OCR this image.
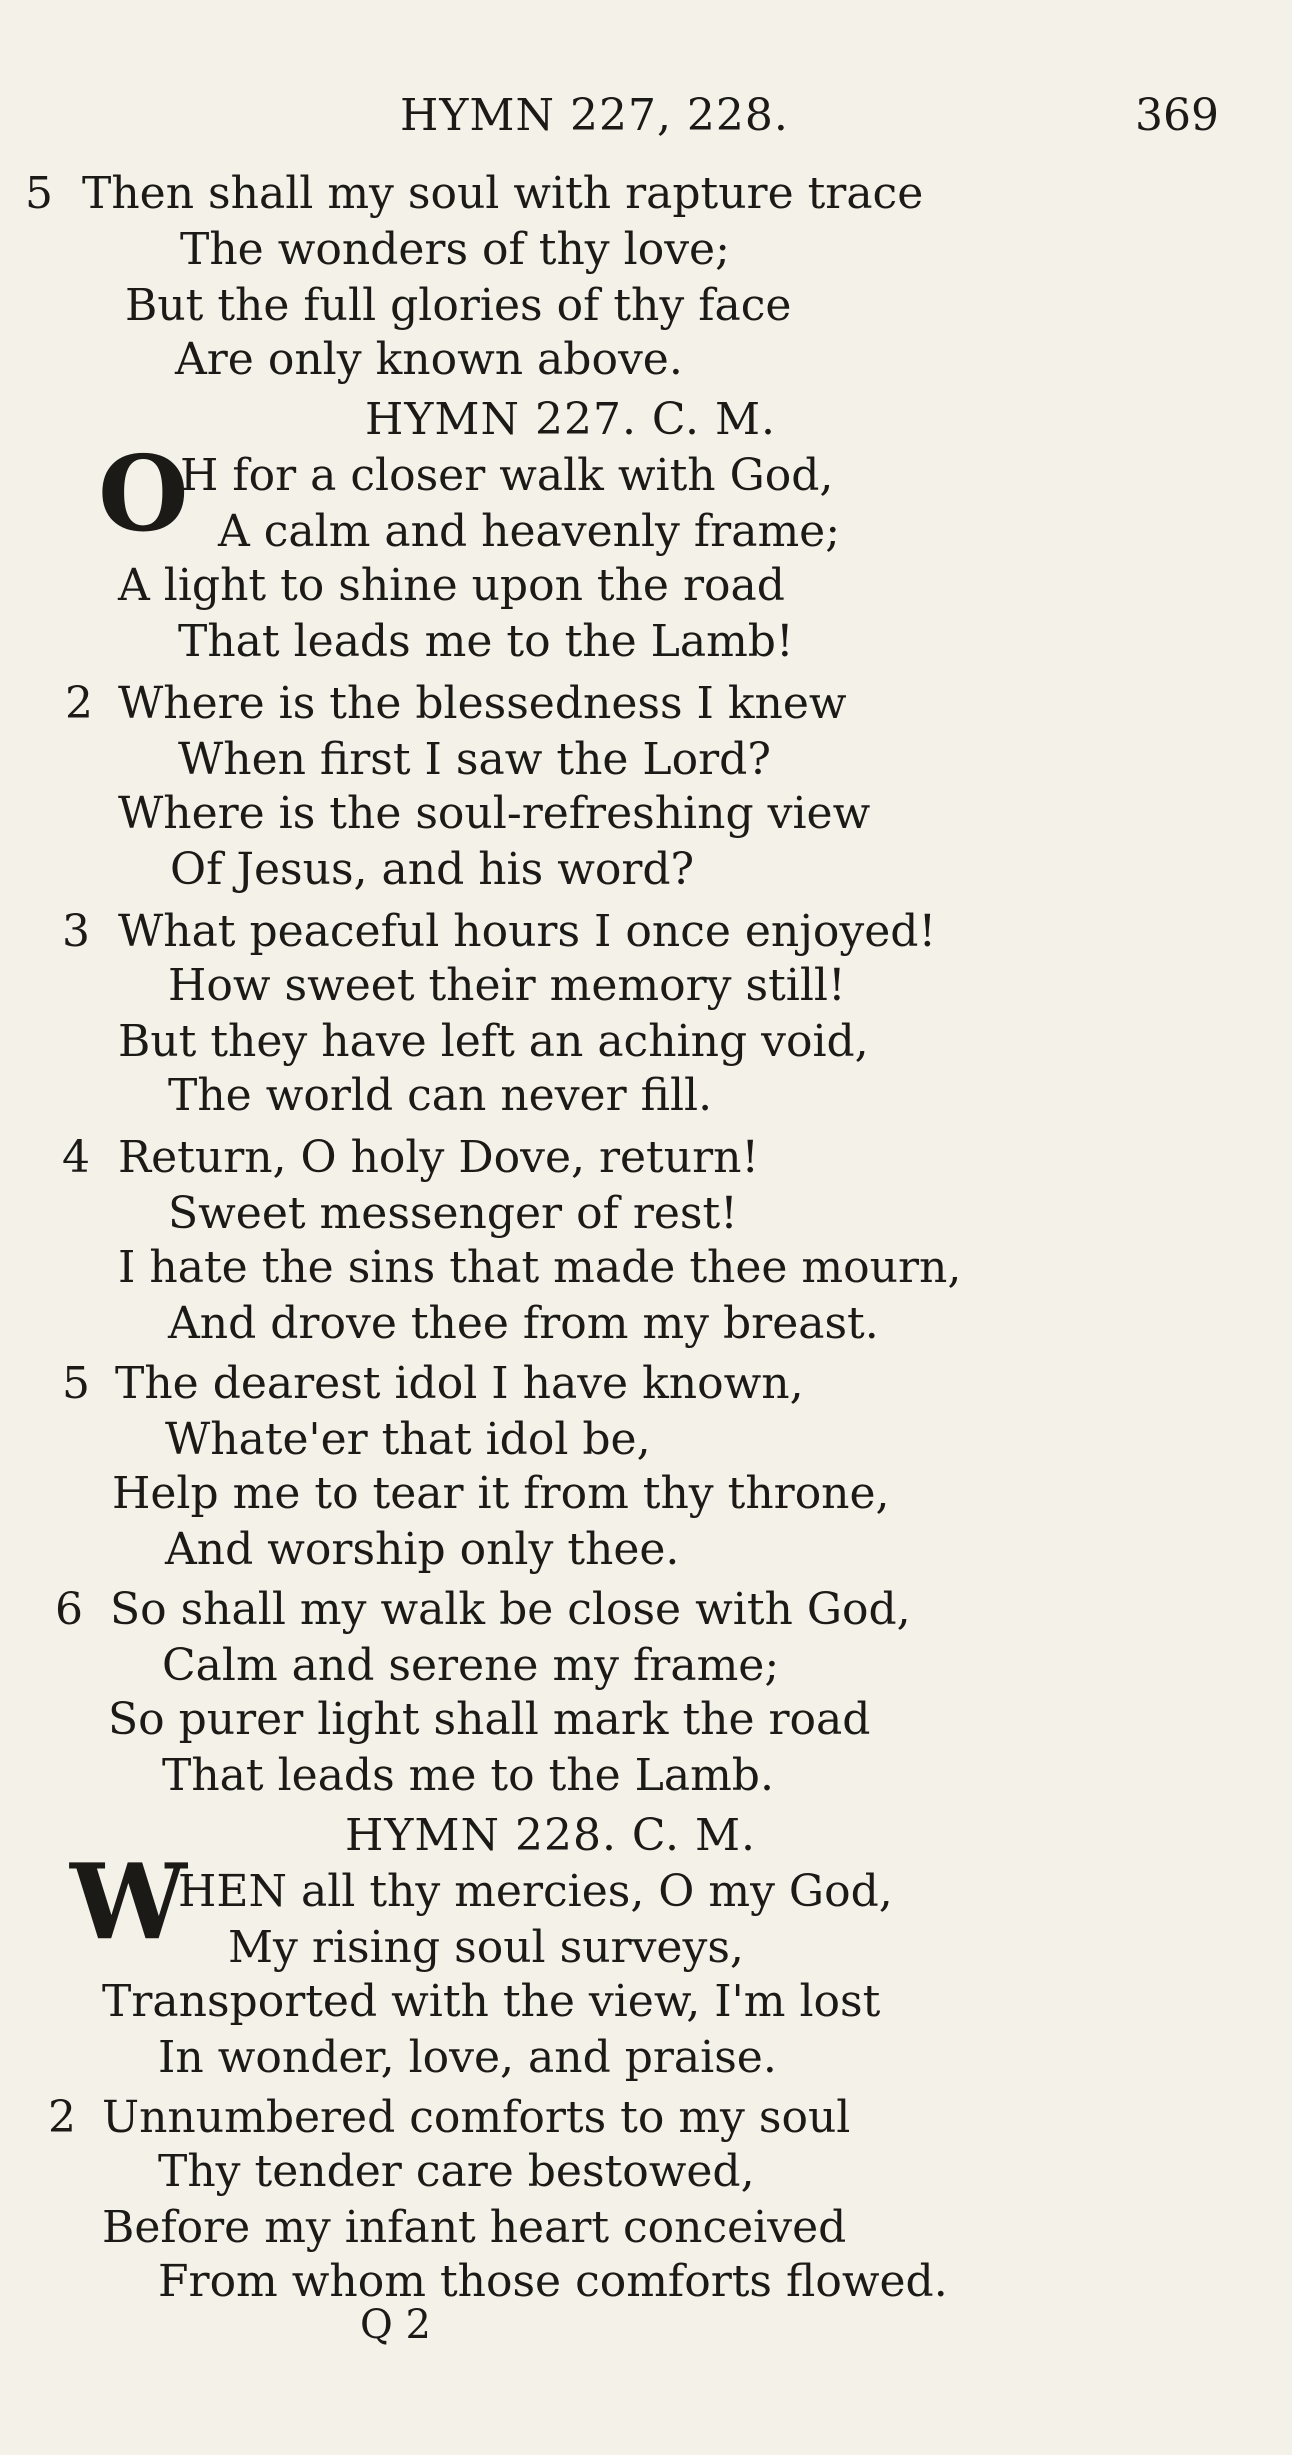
HYMN 227, 228.	369
5 Then shall my soul with rapture trace
The wonders of thy love;
But the full glories of thy face
Are only known above.
HYMN 227. C. M.
O
H for a closer walk with God,
A calm and heavenly frame;
A light to shine upon the road
That leads me to the Lamb!
2 Where is the blessedness I knew
When first I saw the Lord?
Where is the soul-refreshing view
Of Jesus, and his word?
3 What peaceful hours I once enjoyed!
How sweet their memory still!
But they have left an aching void,
The world can never fill.
4 Return, O holy Dove, return!
Sweet messenger of rest!
I hate the sins that made thee mourn,
And drove thee from my breast.
5 The dearest idol I have known,
Whate'er that idol be,
Help me to tear it from thy throne,
And worship only thee.
6 So shall my walk be close with God,
Calm and serene my frame;
So purer light shall mark the road
That leads me to the Lamb.
HYMN 228. C. M.
W
HEN all thy mercies, O my God,
My rising soul surveys,
Transported with the view, I'm lost
In wonder, love, and praise.
2 Unnumbered comforts to my soul
Thy tender care bestowed,
Before my infant heart conceived
From whom those comforts flowed.
Q 2
